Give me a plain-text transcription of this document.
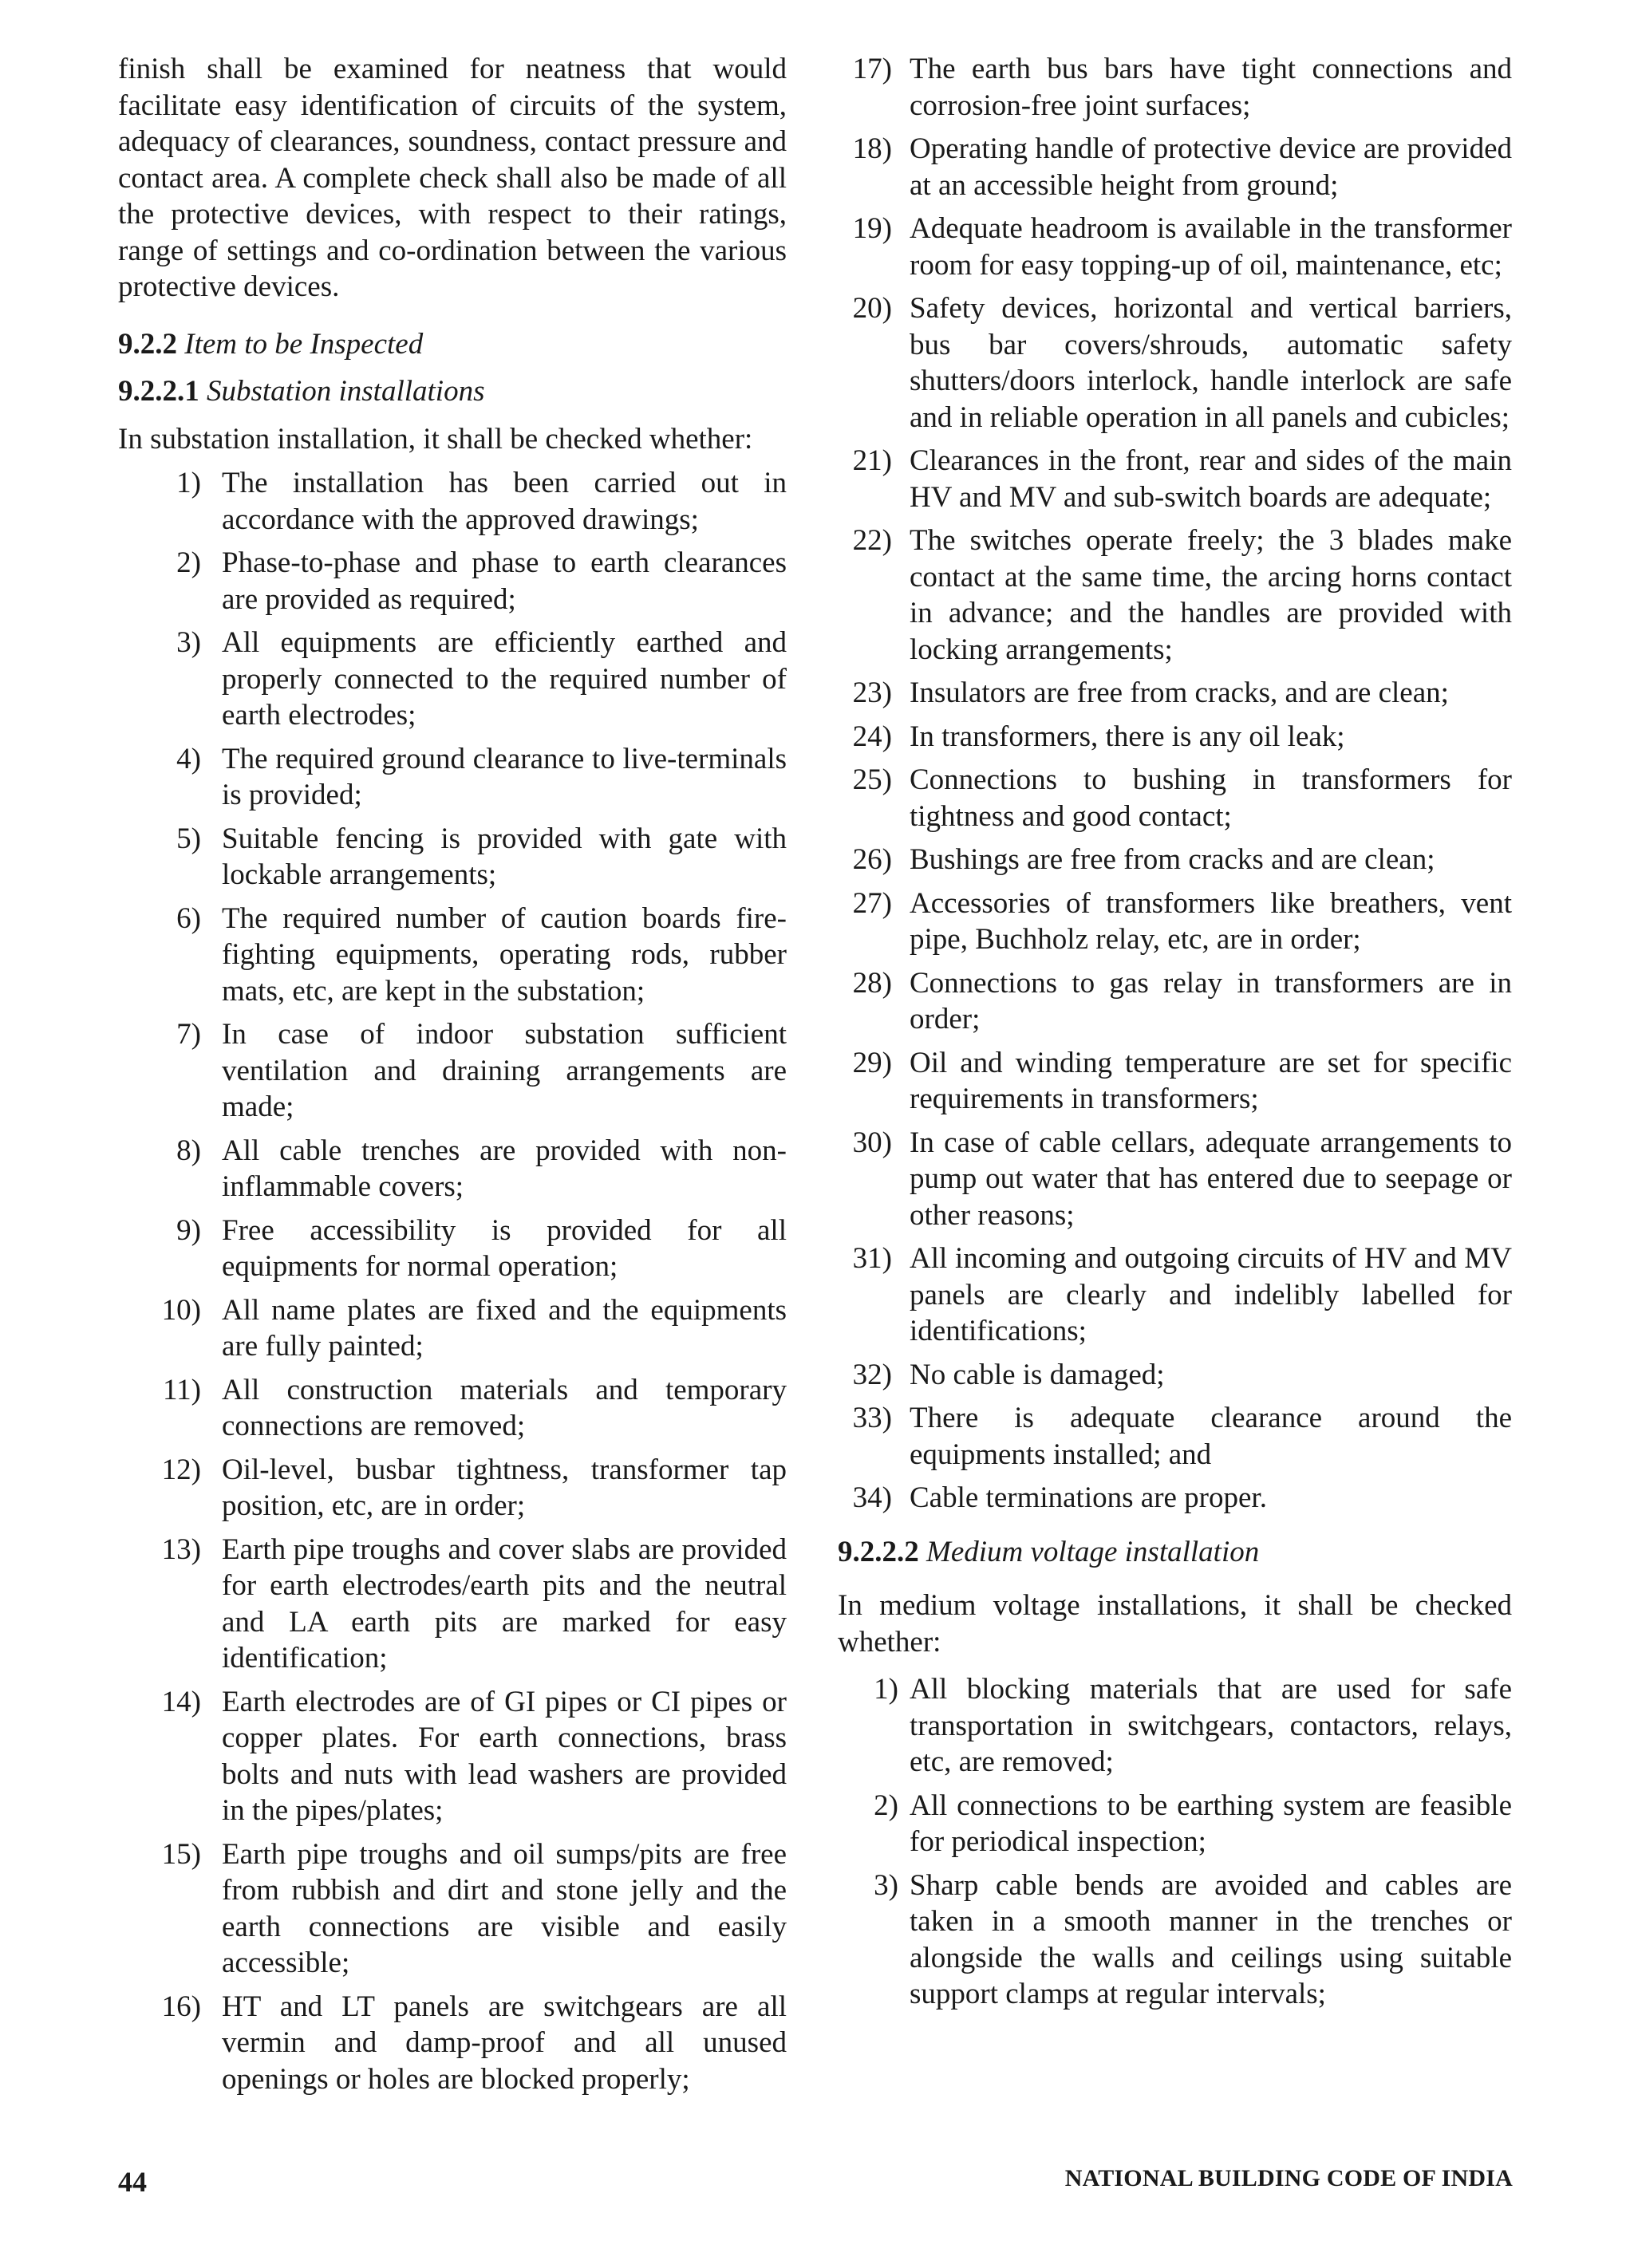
finish shall be examined for neatness that would facilitate easy identification of circuits of the system, adequacy of clearances, soundness, contact pressure and contact area. A complete check shall also be made of all the protective devices, with respect to their ratings, range of settings and co-ordination between the various protective devices.

9.2.2 Item to be Inspected

9.2.2.1 Substation installations

In substation installation, it shall be checked whether:

1) The installation has been carried out in accordance with the approved drawings;
2) Phase-to-phase and phase to earth clearances are provided as required;
3) All equipments are efficiently earthed and properly connected to the required number of earth electrodes;
4) The required ground clearance to live-terminals is provided;
5) Suitable fencing is provided with gate with lockable arrangements;
6) The required number of caution boards fire-fighting equipments, operating rods, rubber mats, etc, are kept in the substation;
7) In case of indoor substation sufficient ventilation and draining arrangements are made;
8) All cable trenches are provided with non-inflammable covers;
9) Free accessibility is provided for all equipments for normal operation;
10) All name plates are fixed and the equipments are fully painted;
11) All construction materials and temporary connections are removed;
12) Oil-level, busbar tightness, transformer tap position, etc, are in order;
13) Earth pipe troughs and cover slabs are provided for earth electrodes/earth pits and the neutral and LA earth pits are marked for easy identification;
14) Earth electrodes are of GI pipes or CI pipes or copper plates. For earth connections, brass bolts and nuts with lead washers are provided in the pipes/plates;
15) Earth pipe troughs and oil sumps/pits are free from rubbish and dirt and stone jelly and the earth connections are visible and easily accessible;
16) HT and LT panels are switchgears are all vermin and damp-proof and all unused openings or holes are blocked properly;
17) The earth bus bars have tight connections and corrosion-free joint surfaces;
18) Operating handle of protective device are provided at an accessible height from ground;
19) Adequate headroom is available in the transformer room for easy topping-up of oil, maintenance, etc;
20) Safety devices, horizontal and vertical barriers, bus bar covers/shrouds, automatic safety shutters/doors interlock, handle interlock are safe and in reliable operation in all panels and cubicles;
21) Clearances in the front, rear and sides of the main HV and MV and sub-switch boards are adequate;
22) The switches operate freely; the 3 blades make contact at the same time, the arcing horns contact in advance; and the handles are provided with locking arrangements;
23) Insulators are free from cracks, and are clean;
24) In transformers, there is any oil leak;
25) Connections to bushing in transformers for tightness and good contact;
26) Bushings are free from cracks and are clean;
27) Accessories of transformers like breathers, vent pipe, Buchholz relay, etc, are in order;
28) Connections to gas relay in transformers are in order;
29) Oil and winding temperature are set for specific requirements in transformers;
30) In case of cable cellars, adequate arrangements to pump out water that has entered due to seepage or other reasons;
31) All incoming and outgoing circuits of HV and MV panels are clearly and indelibly labelled for identifications;
32) No cable is damaged;
33) There is adequate clearance around the equipments installed; and
34) Cable terminations are proper.

9.2.2.2 Medium voltage installation

In medium voltage installations, it shall be checked whether:

1) All blocking materials that are used for safe transportation in switchgears, contactors, relays, etc, are removed;
2) All connections to be earthing system are feasible for periodical inspection;
3) Sharp cable bends are avoided and cables are taken in a smooth manner in the trenches or alongside the walls and ceilings using suitable support clamps at regular intervals;
44	NATIONAL BUILDING CODE OF INDIA
